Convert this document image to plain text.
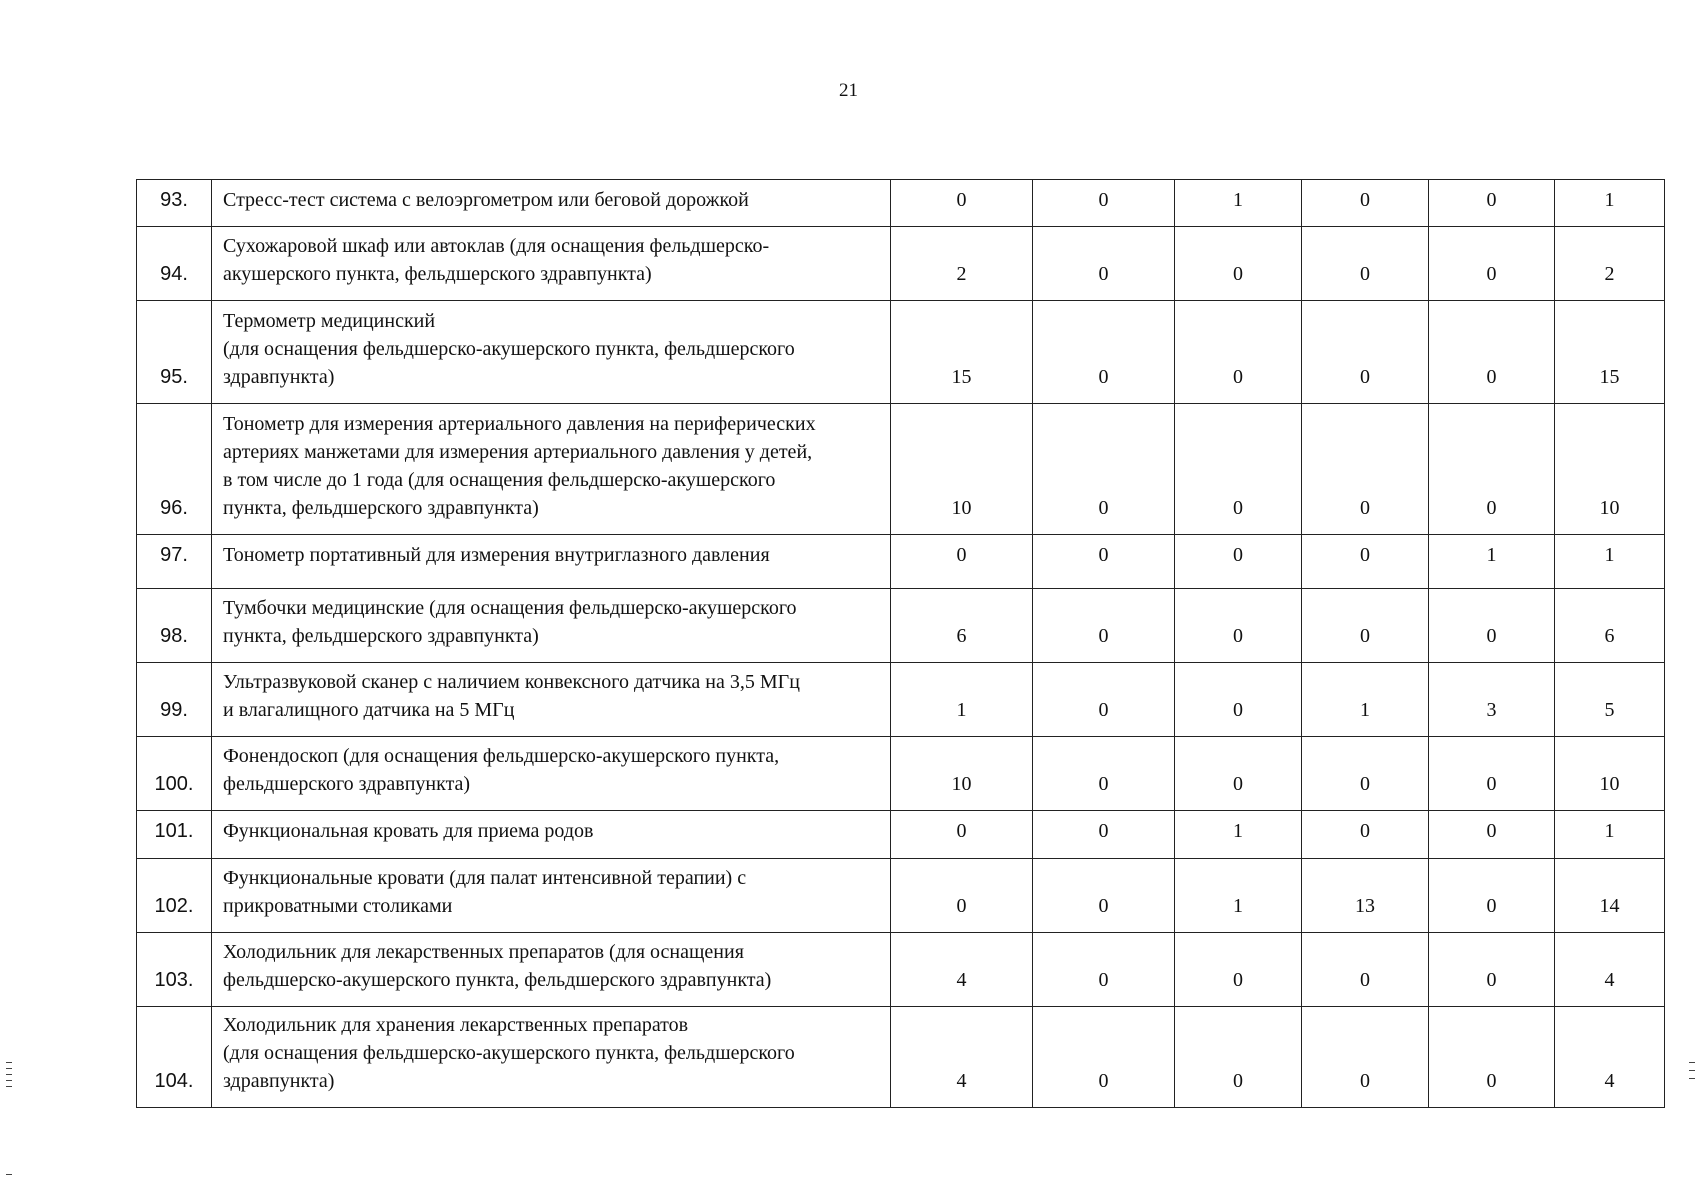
21
93.	Стресс-тест система с велоэргометром или беговой дорожкой	0	0	1	0	0	1
94.	Сухожаровой шкаф или автоклав (для оснащения фельдшерско-
акушерского пункта, фельдшерского здравпункта)	2	0	0	0	0	2
95.	Термометр медицинский
(для оснащения фельдшерско-акушерского пункта, фельдшерского
здравпункта)	15	0	0	0	0	15
96.	Тонометр для измерения артериального давления на периферических
артериях манжетами для измерения артериального давления у детей,
в том числе до 1 года (для оснащения фельдшерско-акушерского
пункта, фельдшерского здравпункта)	10	0	0	0	0	10
97.	Тонометр портативный для измерения внутриглазного давления	0	0	0	0	1	1
98.	Тумбочки медицинские (для оснащения фельдшерско-акушерского
пункта, фельдшерского здравпункта)	6	0	0	0	0	6
99.	Ультразвуковой сканер с наличием конвексного датчика на 3,5 МГц
и влагалищного датчика на 5 МГц	1	0	0	1	3	5
100.	Фонендоскоп (для оснащения фельдшерско-акушерского пункта,
фельдшерского здравпункта)	10	0	0	0	0	10
101.	Функциональная кровать для приема родов	0	0	1	0	0	1
102.	Функциональные кровати (для палат интенсивной терапии) с
прикроватными столиками	0	0	1	13	0	14
103.	Холодильник для лекарственных препаратов (для оснащения
фельдшерско-акушерского пункта, фельдшерского здравпункта)	4	0	0	0	0	4
104.	Холодильник для хранения лекарственных препаратов
(для оснащения фельдшерско-акушерского пункта, фельдшерского
здравпункта)	4	0	0	0	0	4
